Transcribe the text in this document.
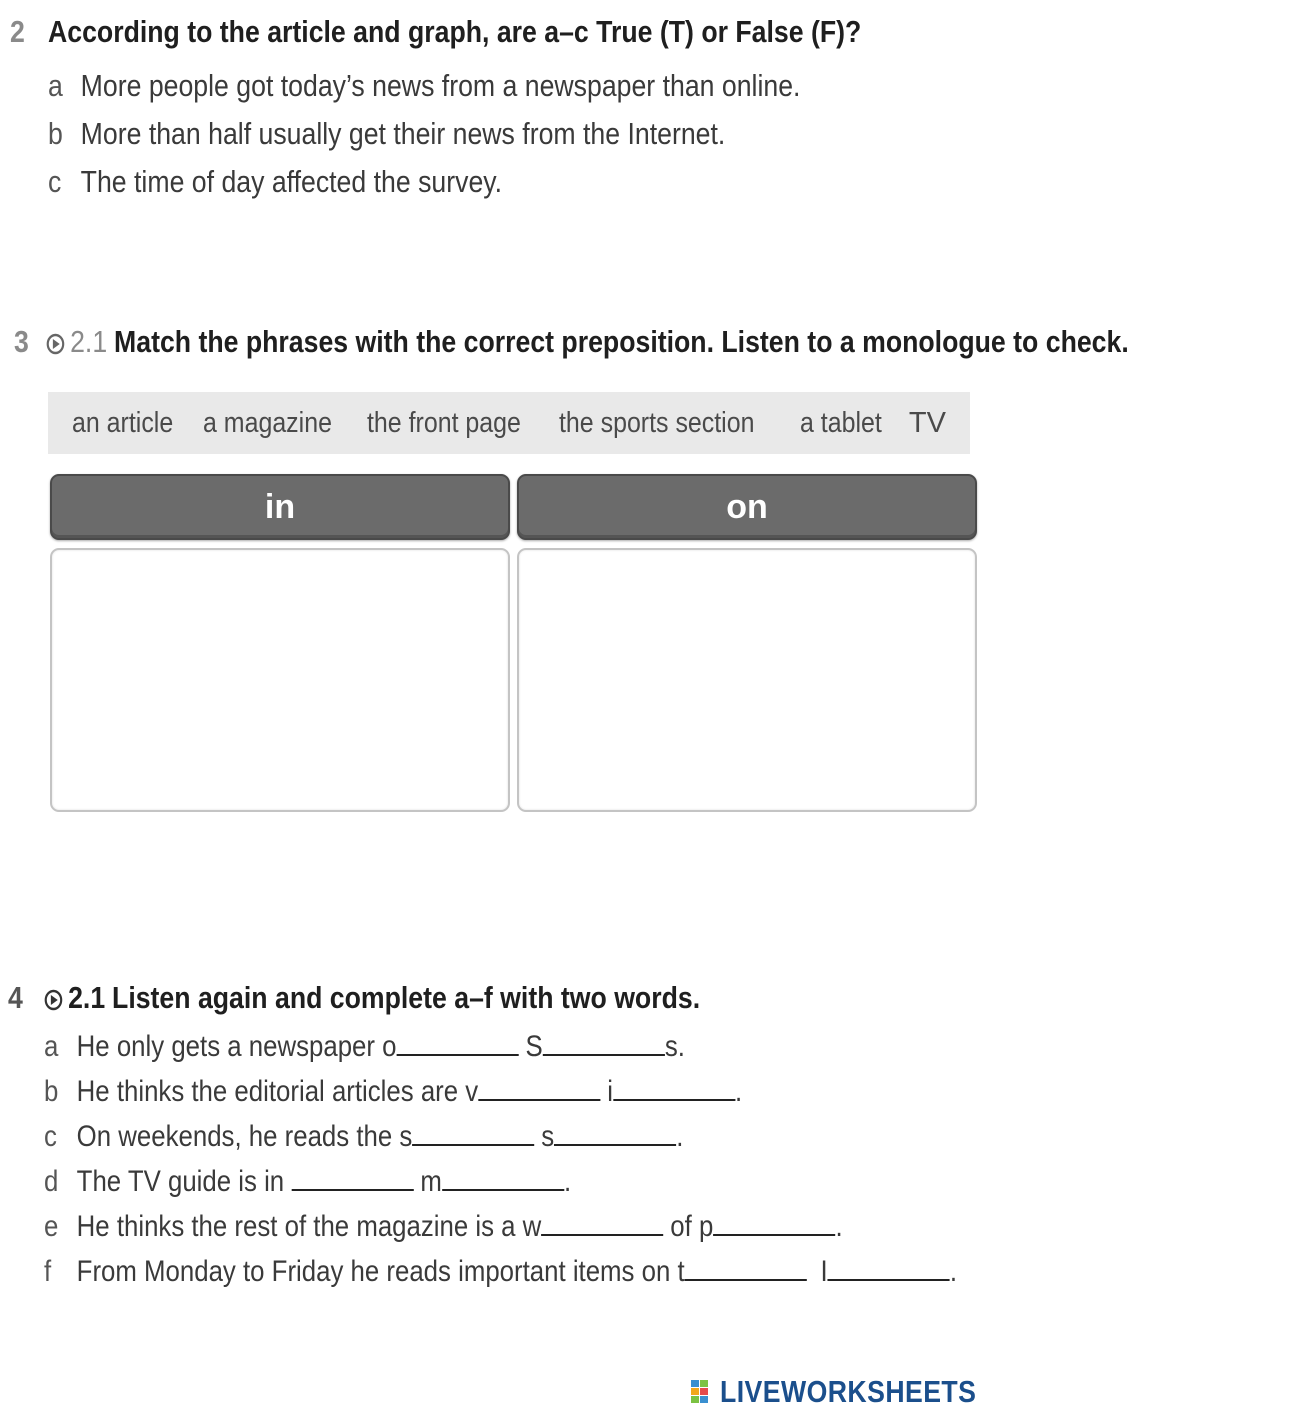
2 According to the article and graph, are a–c True (T) or False (F)?
a More people got today’s news from a newspaper than online.
b More than half usually get their news from the Internet.
c The time of day affected the survey.
3	2.1 Match the phrases with the correct preposition. Listen to a monologue to check.
an article a magazine the front page the sports section a tablet TV
in	on
4	2.1 Listen again and complete a–f with two words.
a He only gets a newspaper o	S	s.
b He thinks the editorial articles are v	i	.
c On weekends, he reads the s	s	.
d The TV guide is in	m	.
e He thinks the rest of the magazine is a w	of p	.
f From Monday to Friday he reads important items on t	I	.
LIVEWORKSHEETS
